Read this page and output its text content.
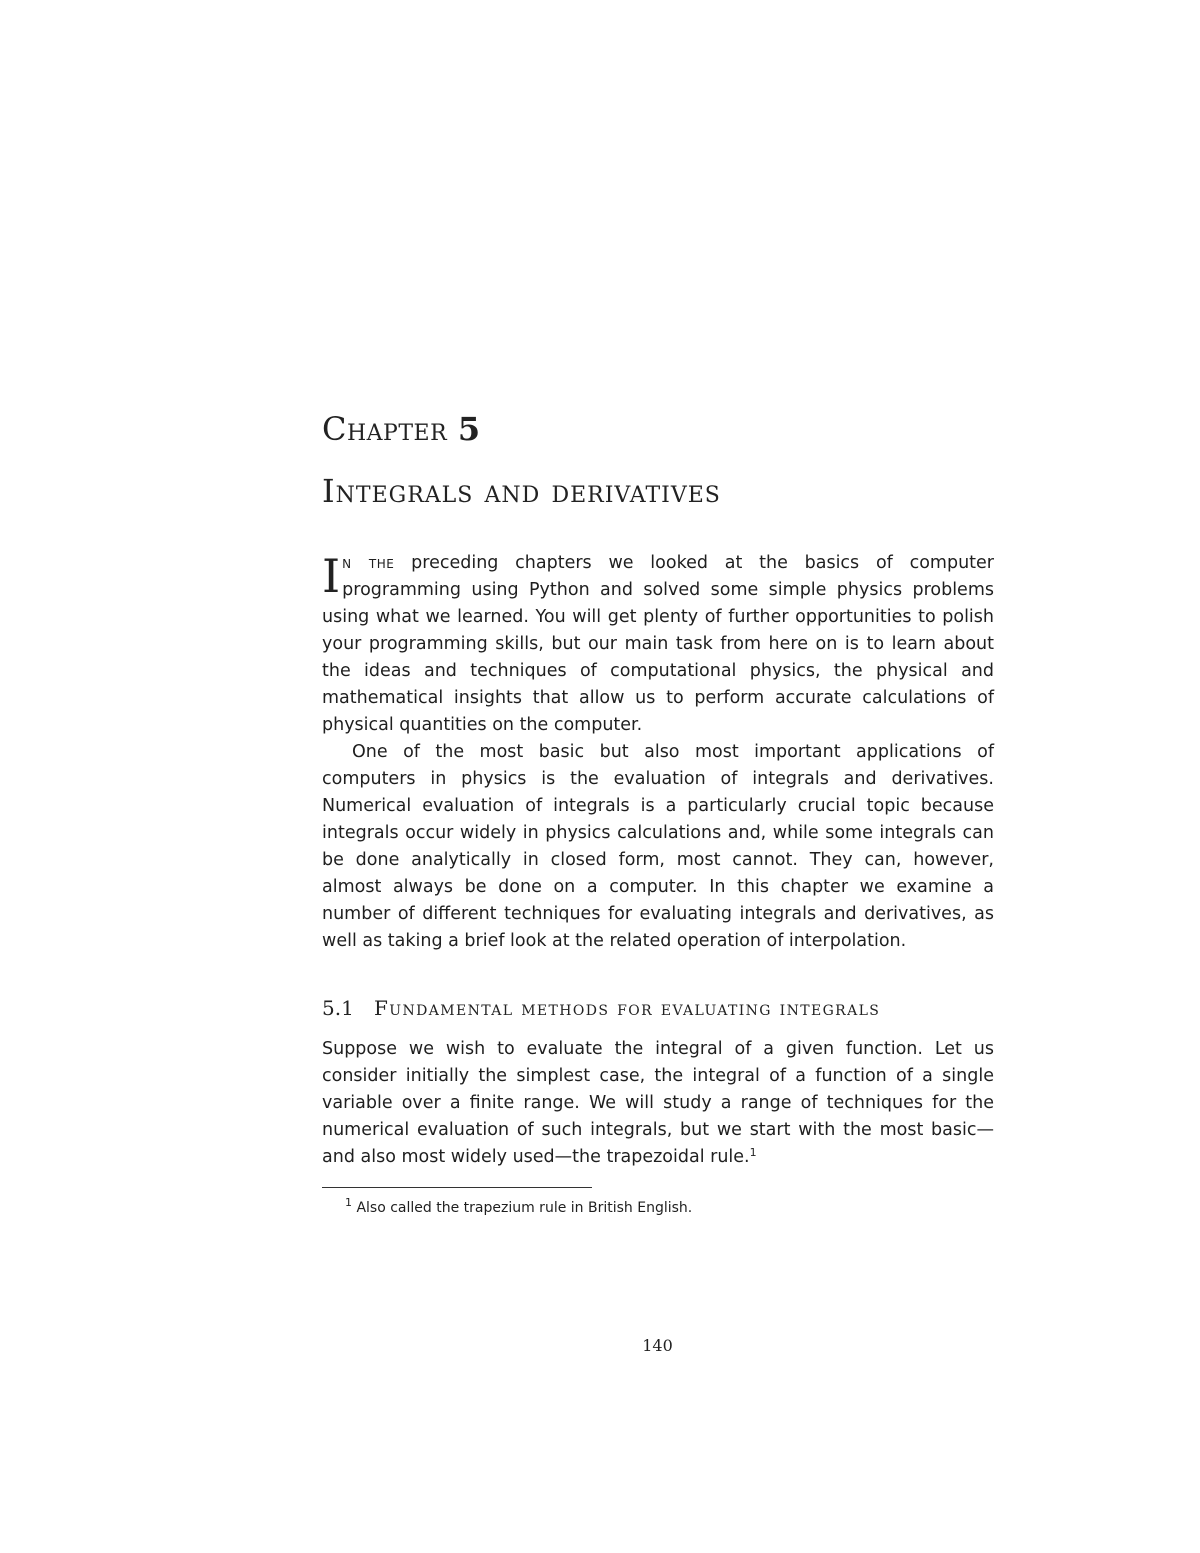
Chapter 5
Integrals and derivatives

In the preceding chapters we looked at the basics of computer programming using Python and solved some simple physics problems using what we learned. You will get plenty of further opportunities to polish your programming skills, but our main task from here on is to learn about the ideas and techniques of computational physics, the physical and mathematical insights that allow us to perform accurate calculations of physical quantities on the computer.

One of the most basic but also most important applications of computers in physics is the evaluation of integrals and derivatives. Numerical evaluation of integrals is a particularly crucial topic because integrals occur widely in physics calculations and, while some integrals can be done analytically in closed form, most cannot. They can, however, almost always be done on a computer. In this chapter we examine a number of different techniques for evaluating integrals and derivatives, as well as taking a brief look at the related operation of interpolation.

5.1 Fundamental methods for evaluating integrals

Suppose we wish to evaluate the integral of a given function. Let us consider initially the simplest case, the integral of a function of a single variable over a finite range. We will study a range of techniques for the numerical evaluation of such integrals, but we start with the most basic—and also most widely used—the trapezoidal rule.$^1$

$^1$ Also called the trapezium rule in British English.
140
